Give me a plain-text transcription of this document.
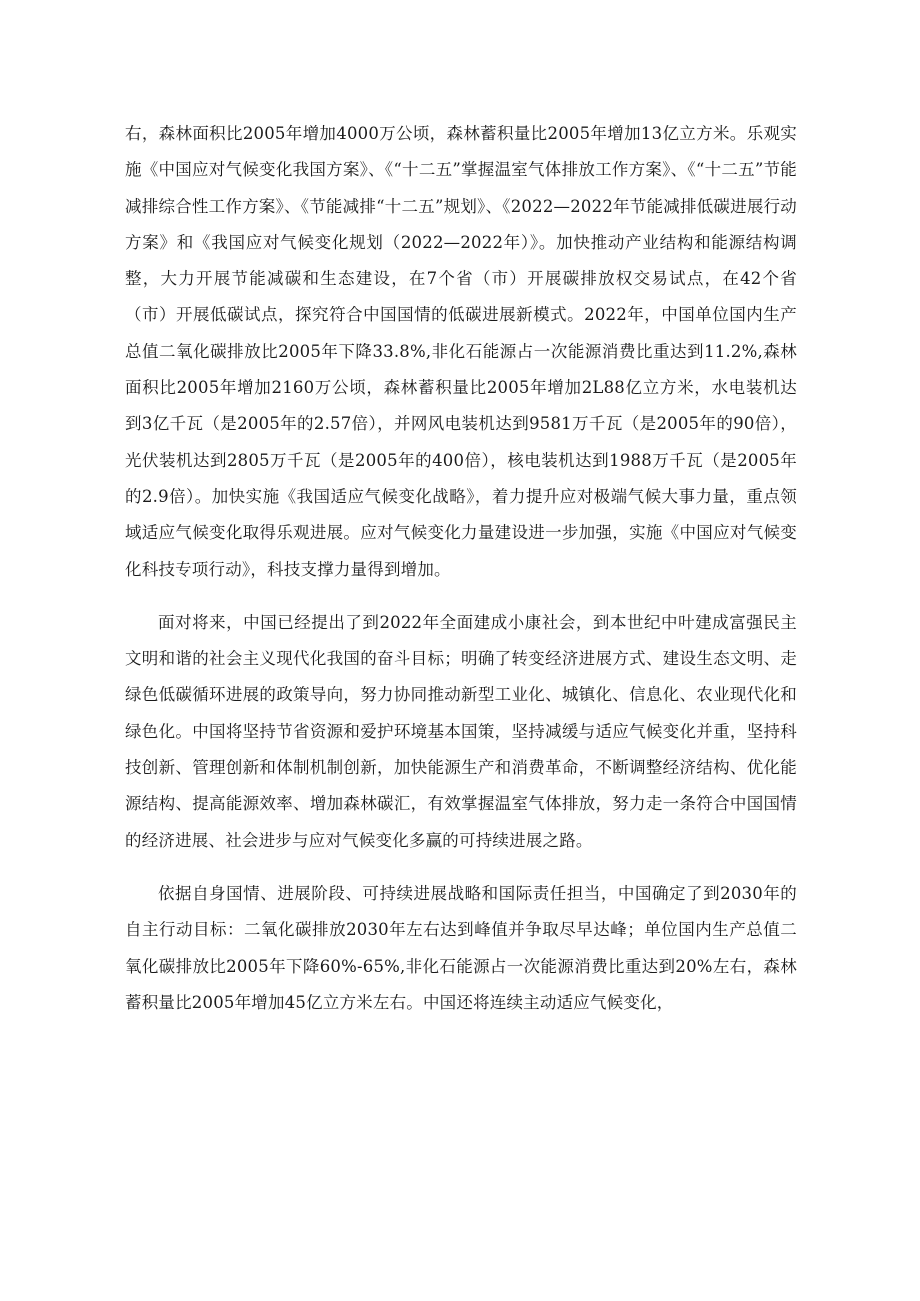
右，森林面积比2005年增加4000万公顷，森林蓄积量比2005年增加13亿立方米。乐观实施《中国应对气候变化我国方案》、《“十二五”掌握温室气体排放工作方案》、《“十二五”节能减排综合性工作方案》、《节能减排“十二五”规划》、《2022—2022年节能减排低碳进展行动方案》和《我国应对气候变化规划（2022—2022年）》。加快推动产业结构和能源结构调整，大力开展节能减碳和生态建设，在7个省（市）开展碳排放权交易试点，在42个省（市）开展低碳试点，探究符合中国国情的低碳进展新模式。2022年，中国单位国内生产总值二氧化碳排放比2005年下降33.8%,非化石能源占一次能源消费比重达到11.2%,森林面积比2005年增加2160万公顷，森林蓄积量比2005年增加2L88亿立方米，水电装机达到3亿千瓦（是2005年的2.57倍），并网风电装机达到9581万千瓦（是2005年的90倍），光伏装机达到2805万千瓦（是2005年的400倍），核电装机达到1988万千瓦（是2005年的2.9倍）。加快实施《我国适应气候变化战略》，着力提升应对极端气候大事力量，重点领域适应气候变化取得乐观进展。应对气候变化力量建设进一步加强，实施《中国应对气候变化科技专项行动》，科技支撑力量得到增加。

面对将来，中国已经提出了到2022年全面建成小康社会，到本世纪中叶建成富强民主文明和谐的社会主义现代化我国的奋斗目标；明确了转变经济进展方式、建设生态文明、走绿色低碳循环进展的政策导向，努力协同推动新型工业化、城镇化、信息化、农业现代化和绿色化。中国将坚持节省资源和爱护环境基本国策，坚持减缓与适应气候变化并重，坚持科技创新、管理创新和体制机制创新，加快能源生产和消费革命，不断调整经济结构、优化能源结构、提高能源效率、增加森林碳汇，有效掌握温室气体排放，努力走一条符合中国国情的经济进展、社会进步与应对气候变化多赢的可持续进展之路。

依据自身国情、进展阶段、可持续进展战略和国际责任担当，中国确定了到2030年的自主行动目标：二氧化碳排放2030年左右达到峰值并争取尽早达峰；单位国内生产总值二氧化碳排放比2005年下降60%-65%,非化石能源占一次能源消费比重达到20%左右，森林蓄积量比2005年增加45亿立方米左右。中国还将连续主动适应气候变化，
